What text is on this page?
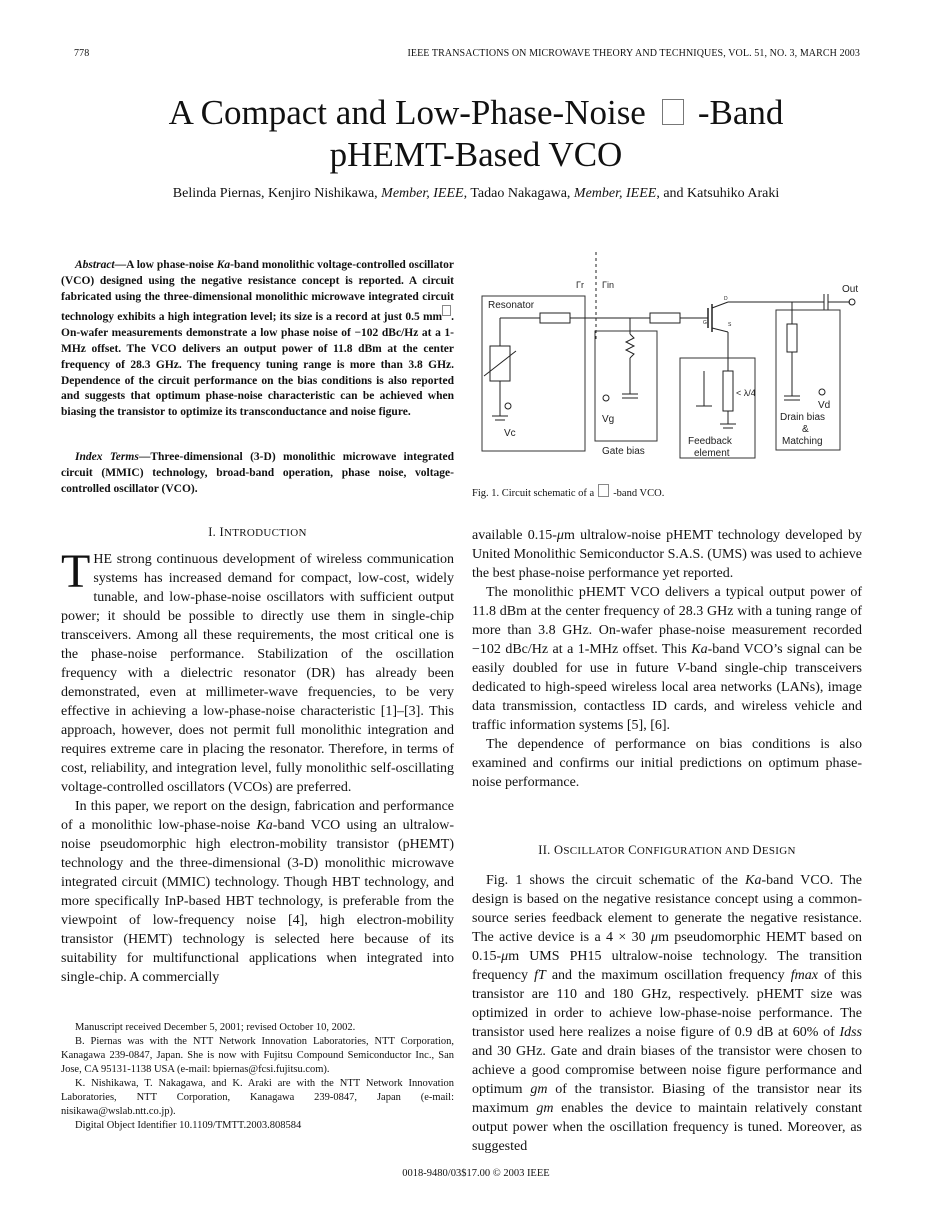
778	IEEE TRANSACTIONS ON MICROWAVE THEORY AND TECHNIQUES, VOL. 51, NO. 3, MARCH 2003
A Compact and Low-Phase-Noise -Band
pHEMT-Based VCO
Belinda Piernas, Kenjiro Nishikawa, Member, IEEE, Tadao Nakagawa, Member, IEEE, and Katsuhiko Araki
Abstract—A low phase-noise Ka-band monolithic voltage-controlled oscillator (VCO) designed using the negative resistance concept is reported. A circuit fabricated using the three-dimensional monolithic microwave integrated circuit technology exhibits a high integration level; its size is a record at just 0.5 mm . On-wafer measurements demonstrate a low phase noise of −102 dBc/Hz at a 1-MHz offset. The VCO delivers an output power of 11.8 dBm at the center frequency of 28.3 GHz. The frequency tuning range is more than 3.8 GHz. Dependence of the circuit performance on the bias conditions is also reported and suggests that optimum phase-noise characteristic can be achieved when biasing the transistor to optimize its transconductance and noise figure.
Index Terms—Three-dimensional (3-D) monolithic microwave integrated circuit (MMIC) technology, broad-band operation, phase noise, voltage-controlled oscillator (VCO).
Γr Γin
Resonator
Vc
Vg
Gate bias
D
G	S
Out
< λ/4
Feedback
element
Vd
Drain bias
&
Matching
Fig. 1. Circuit schematic of a -band VCO.
I. INTRODUCTION

THE strong continuous development of wireless communication systems has increased demand for compact, low-cost, widely tunable, and low-phase-noise oscillators with sufficient output power; it should be possible to directly use them in single-chip transceivers. Among all these requirements, the most critical one is the phase-noise performance. Stabilization of the oscillation frequency with a dielectric resonator (DR) has already been demonstrated, even at millimeter-wave frequencies, to be very effective in achieving a low-phase-noise characteristic [1]–[3]. This approach, however, does not permit full monolithic integration and requires extreme care in placing the resonator. Therefore, in terms of cost, reliability, and integration level, fully monolithic self-oscillating voltage-controlled oscillators (VCOs) are preferred.

In this paper, we report on the design, fabrication and performance of a monolithic low-phase-noise Ka-band VCO using an ultralow-noise pseudomorphic high electron-mobility transistor (pHEMT) technology and the three-dimensional (3-D) monolithic microwave integrated circuit (MMIC) technology. Though HBT technology, and more specifically InP-based HBT technology, is preferable from the viewpoint of low-frequency noise [4], high electron-mobility transistor (HEMT) technology is selected here because of its suitability for multifunctional applications when integrated into single-chip. A commercially

available 0.15-μm ultralow-noise pHEMT technology developed by United Monolithic Semiconductor S.A.S. (UMS) was used to achieve the best phase-noise performance yet reported.

The monolithic pHEMT VCO delivers a typical output power of 11.8 dBm at the center frequency of 28.3 GHz with a tuning range of more than 3.8 GHz. On-wafer phase-noise measurement recorded −102 dBc/Hz at a 1-MHz offset. This Ka-band VCO’s signal can be easily doubled for use in future V-band single-chip transceivers dedicated to high-speed wireless local area networks (LANs), image data transmission, contactless ID cards, and wireless vehicle and traffic information systems [5], [6].

The dependence of performance on bias conditions is also examined and confirms our initial predictions on optimum phase-noise performance.

II. OSCILLATOR CONFIGURATION AND DESIGN

Fig. 1 shows the circuit schematic of the Ka-band VCO. The design is based on the negative resistance concept using a common-source series feedback element to generate the negative resistance. The active device is a 4 × 30 μm pseudomorphic HEMT based on 0.15-μm UMS PH15 ultralow-noise technology. The transition frequency fT and the maximum oscillation frequency fmax of this transistor are 110 and 180 GHz, respectively. pHEMT size was optimized in order to achieve low-phase-noise performance. The transistor used here realizes a noise figure of 0.9 dB at 60% of Idss and 30 GHz. Gate and drain biases of the transistor were chosen to achieve a good compromise between noise figure performance and optimum gm of the transistor. Biasing of the transistor near its maximum gm enables the device to maintain relatively constant output power when the oscillation frequency is tuned. Moreover, as suggested

Manuscript received December 5, 2001; revised October 10, 2002.

B. Piernas was with the NTT Network Innovation Laboratories, NTT Corporation, Kanagawa 239-0847, Japan. She is now with Fujitsu Compound Semiconductor Inc., San Jose, CA 95131-1138 USA (e-mail: bpiernas@fcsi.fujitsu.com).

K. Nishikawa, T. Nakagawa, and K. Araki are with the NTT Network Innovation Laboratories, NTT Corporation, Kanagawa 239-0847, Japan (e-mail: nisikawa@wslab.ntt.co.jp).

Digital Object Identifier 10.1109/TMTT.2003.808584

0018-9480/03$17.00 © 2003 IEEE
